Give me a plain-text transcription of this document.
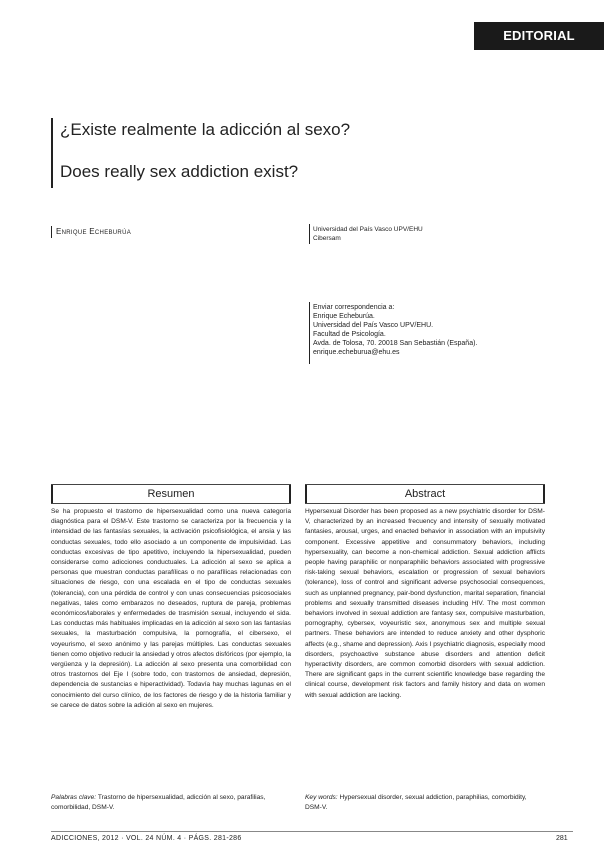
EDITORIAL
¿Existe realmente la adicción al sexo?
Does really sex addiction exist?
Enrique Echeburúa	Universidad del País Vasco UPV/EHU
Cibersam
Enviar correspondencia a:
Enrique Echeburúa.
Universidad del País Vasco UPV/EHU.
Facultad de Psicología.
Avda. de Tolosa, 70. 20018 San Sebastián (España).
enrique.echeburua@ehu.es
Resumen	Abstract
Se ha propuesto el trastorno de hipersexualidad como una nueva categoría diagnóstica para el DSM-V. Este trastorno se caracteriza por la frecuencia y la intensidad de las fantasías sexuales, la activación psicofisiológica, el ansia y las conductas sexuales, todo ello asociado a un componente de impulsividad. Las conductas excesivas de tipo apetitivo, incluyendo la hipersexualidad, pueden considerarse como adicciones conductuales. La adicción al sexo se aplica a personas que muestran conductas parafílicas o no parafílicas relacionadas con situaciones de riesgo, con una escalada en el tipo de conductas sexuales (tolerancia), con una pérdida de control y con unas consecuencias psicosociales negativas, tales como embarazos no deseados, ruptura de pareja, problemas económicos/laborales y enfermedades de trasmisión sexual, incluyendo el sida. Las conductas más habituales implicadas en la adicción al sexo son las fantasías sexuales, la masturbación compulsiva, la pornografía, el cibersexo, el voyeurismo, el sexo anónimo y las parejas múltiples. Las conductas sexuales tienen como objetivo reducir la ansiedad y otros afectos disfóricos (por ejemplo, la vergüenza y la depresión). La adicción al sexo presenta una comorbilidad con otros trastornos del Eje I (sobre todo, con trastornos de ansiedad, depresión, dependencia de sustancias e hiperactividad). Todavía hay muchas lagunas en el conocimiento del curso clínico, de los factores de riesgo y de la historia familiar y se carece de datos sobre la adición al sexo en mujeres.
Hypersexual Disorder has been proposed as a new psychiatric disorder for DSM-V, characterized by an increased frecuency and intensity of sexually motivated fantasies, arousal, urges, and enacted behavior in association with an impulsivity component. Excessive appetitive and consummatory behaviors, including hypersexuality, can become a non-chemical addiction. Sexual addiction afflicts people having paraphilic or nonparaphilic behaviors associated with progressive risk-taking sexual behaviors, escalation or progression of sexual behaviors (tolerance), loss of control and significant adverse psychosocial consequences, such as unplanned pregnancy, pair-bond dysfunction, marital separation, financial problems and sexually transmitted diseases including HIV. The most common behaviors involved in sexual addiction are fantasy sex, compulsive masturbation, pornography, cybersex, voyeuristic sex, anonymous sex and multiple sexual partners. These behaviors are intended to reduce anxiety and other dysphoric affects (e.g., shame and depression). Axis I psychiatric diagnosis, especially mood disorders, psychoactive substance abuse disorders and attention deficit hyperactivity disorders, are common comorbid disorders with sexual addiction. There are significant gaps in the current scientific knowledge base regarding the clinical course, development risk factors and family history and data on women with sexual addiction are lacking.
Palabras clave: Trastorno de hipersexualidad, adicción al sexo, parafilias, comorbilidad, DSM-V.
Key words: Hypersexual disorder, sexual addiction, paraphilias, comorbidity, DSM-V.
ADICCIONES, 2012 · VOL. 24 NÚM. 4 · PÁGS. 281-286	281
